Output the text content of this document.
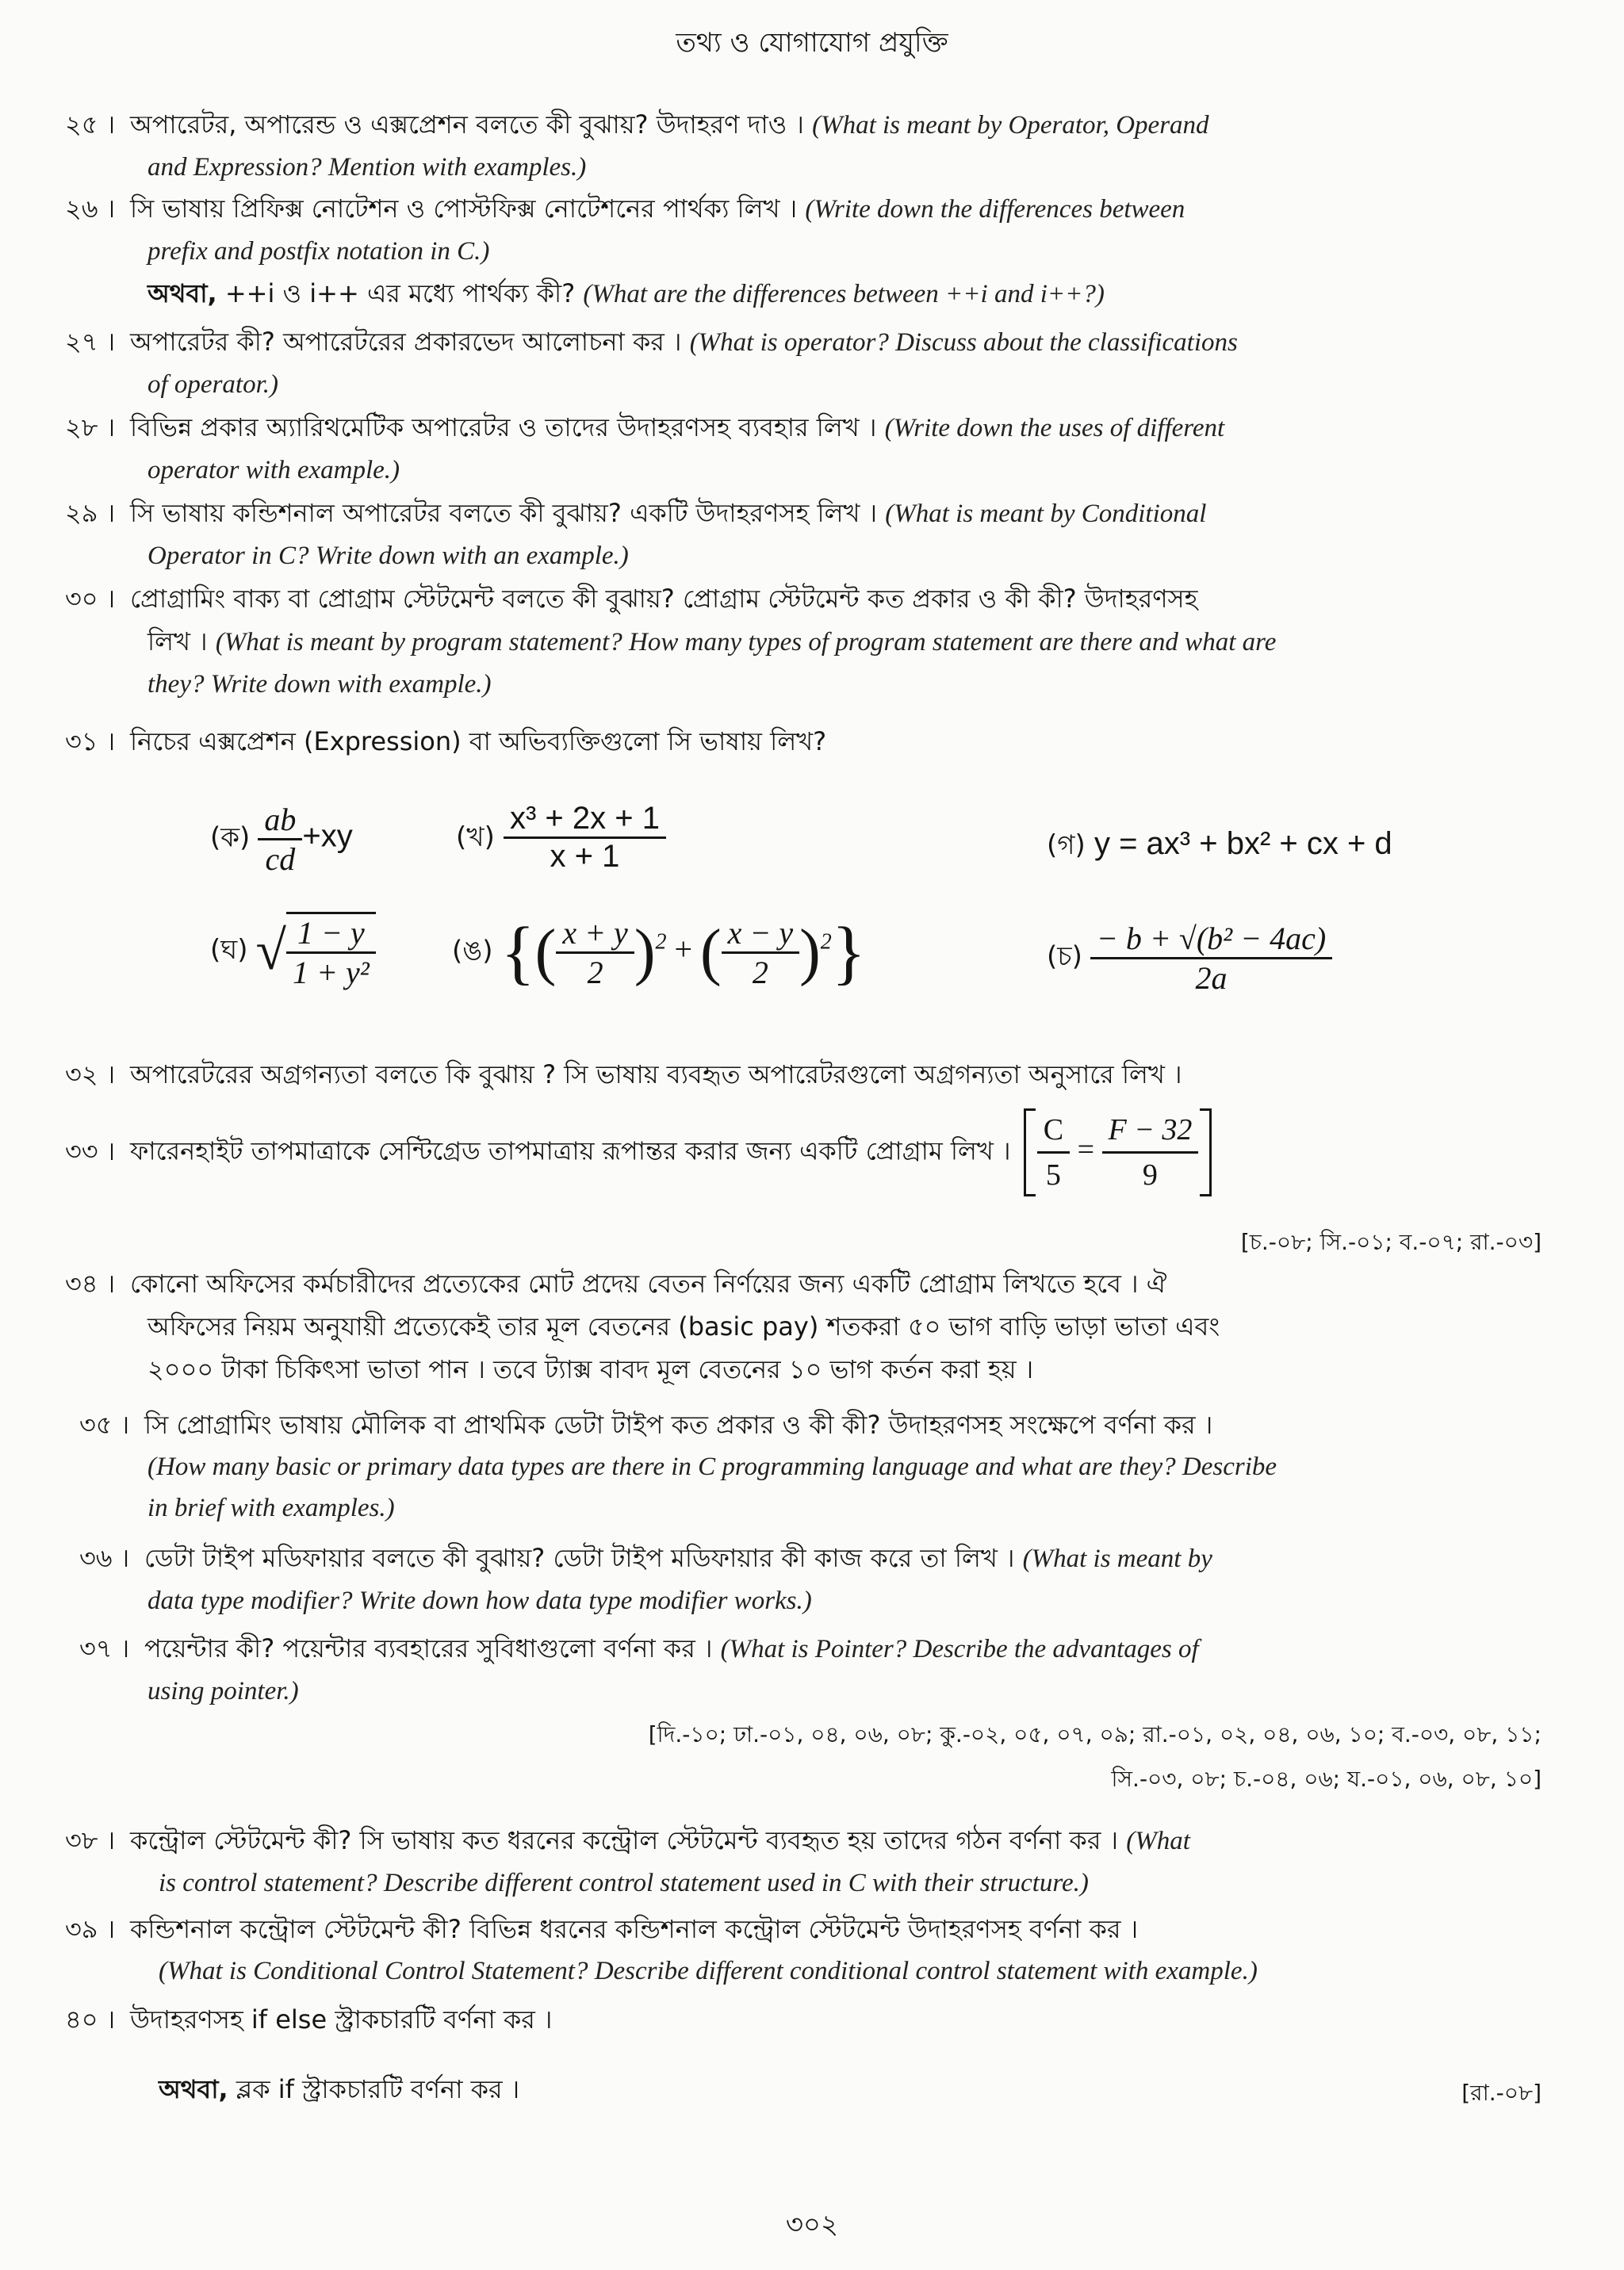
তথ্য ও যোগাযোগ প্রযুক্তি
২৫ । অপারেটর, অপারেন্ড ও এক্সপ্রেশন বলতে কী বুঝায়? উদাহরণ দাও । (What is meant by Operator, Operand
and Expression? Mention with examples.)
২৬ । সি ভাষায় প্রিফিক্স নোটেশন ও পোস্টফিক্স নোটেশনের পার্থক্য লিখ । (Write down the differences between
prefix and postfix notation in C.)
অথবা, ++i ও i++ এর মধ্যে পার্থক্য কী? (What are the differences between ++i and i++?)
২৭ । অপারেটর কী? অপারেটরের প্রকারভেদ আলোচনা কর । (What is operator? Discuss about the classifications
of operator.)
২৮ । বিভিন্ন প্রকার অ্যারিথমেটিক অপারেটর ও তাদের উদাহরণসহ ব্যবহার লিখ । (Write down the uses of different
operator with example.)
২৯ । সি ভাষায় কন্ডিশনাল অপারেটর বলতে কী বুঝায়? একটি উদাহরণসহ লিখ । (What is meant by Conditional
Operator in C? Write down with an example.)
৩০ । প্রোগ্রামিং বাক্য বা প্রোগ্রাম স্টেটমেন্ট বলতে কী বুঝায়? প্রোগ্রাম স্টেটমেন্ট কত প্রকার ও কী কী? উদাহরণসহ
লিখ । (What is meant by program statement? How many types of program statement are there and what are
they? Write down with example.)
৩১ । নিচের এক্সপ্রেশন (Expression) বা অভিব্যক্তিগুলো সি ভাষায় লিখ?
(ক) $\frac{ab}{cd} +xy$	(খ) $\frac{\text{x³ + 2x + 1}}{x + 1}$	(গ) y = ax³ + bx² + cx + d
(ঘ) √ $\frac{1 - y}{\text{1 + y²}}$	(ঙ) {( $\frac{x + y}{2} )^2$ + ( $\frac{x - y}{2} )^2$}	(চ) $\frac{\text{− b + √(b² − 4ac)}}{2a}$
৩২ । অপারেটরের অগ্রগন্যতা বলতে কি বুঝায় ? সি ভাষায় ব্যবহৃত অপারেটরগুলো অগ্রগন্যতা অনুসারে লিখ ।
৩৩ । ফারেনহাইট তাপমাত্রাকে সেন্টিগ্রেড তাপমাত্রায় রূপান্তর করার জন্য একটি প্রোগ্রাম লিখ । $\frac{C}{5} = \frac{F - 32}{9}$
[চ.-০৮; সি.-০১; ব.-০৭; রা.-০৩]
৩৪ । কোনো অফিসের কর্মচারীদের প্রত্যেকের মোট প্রদেয় বেতন নির্ণয়ের জন্য একটি প্রোগ্রাম লিখতে হবে । ঐ
অফিসের নিয়ম অনুযায়ী প্রত্যেকেই তার মূল বেতনের (basic pay) শতকরা ৫০ ভাগ বাড়ি ভাড়া ভাতা এবং
২০০০ টাকা চিকিৎসা ভাতা পান । তবে ট্যাক্স বাবদ মূল বেতনের ১০ ভাগ কর্তন করা হয় ।
৩৫ । সি প্রোগ্রামিং ভাষায় মৌলিক বা প্রাথমিক ডেটা টাইপ কত প্রকার ও কী কী? উদাহরণসহ সংক্ষেপে বর্ণনা কর ।
(How many basic or primary data types are there in C programming language and what are they? Describe
in brief with examples.)
৩৬ । ডেটা টাইপ মডিফায়ার বলতে কী বুঝায়? ডেটা টাইপ মডিফায়ার কী কাজ করে তা লিখ । (What is meant by
data type modifier? Write down how data type modifier works.)
৩৭ । পয়েন্টার কী? পয়েন্টার ব্যবহারের সুবিধাগুলো বর্ণনা কর । (What is Pointer? Describe the advantages of
using pointer.)
[দি.-১০; ঢা.-০১, ০৪, ০৬, ০৮; কু.-০২, ০৫, ০৭, ০৯; রা.-০১, ০২, ০৪, ০৬, ১০; ব.-০৩, ০৮, ১১;
সি.-০৩, ০৮; চ.-০৪, ০৬; য.-০১, ০৬, ০৮, ১০]
৩৮ । কন্ট্রোল স্টেটমেন্ট কী? সি ভাষায় কত ধরনের কন্ট্রোল স্টেটমেন্ট ব্যবহৃত হয় তাদের গঠন বর্ণনা কর । (What
is control statement? Describe different control statement used in C with their structure.)
৩৯ । কন্ডিশনাল কন্ট্রোল স্টেটমেন্ট কী? বিভিন্ন ধরনের কন্ডিশনাল কন্ট্রোল স্টেটমেন্ট উদাহরণসহ বর্ণনা কর ।
(What is Conditional Control Statement? Describe different conditional control statement with example.)
৪০ । উদাহরণসহ if else স্ট্রাকচারটি বর্ণনা কর ।
অথবা, ব্লক if স্ট্রাকচারটি বর্ণনা কর ।	[রা.-০৮]
৩০২
